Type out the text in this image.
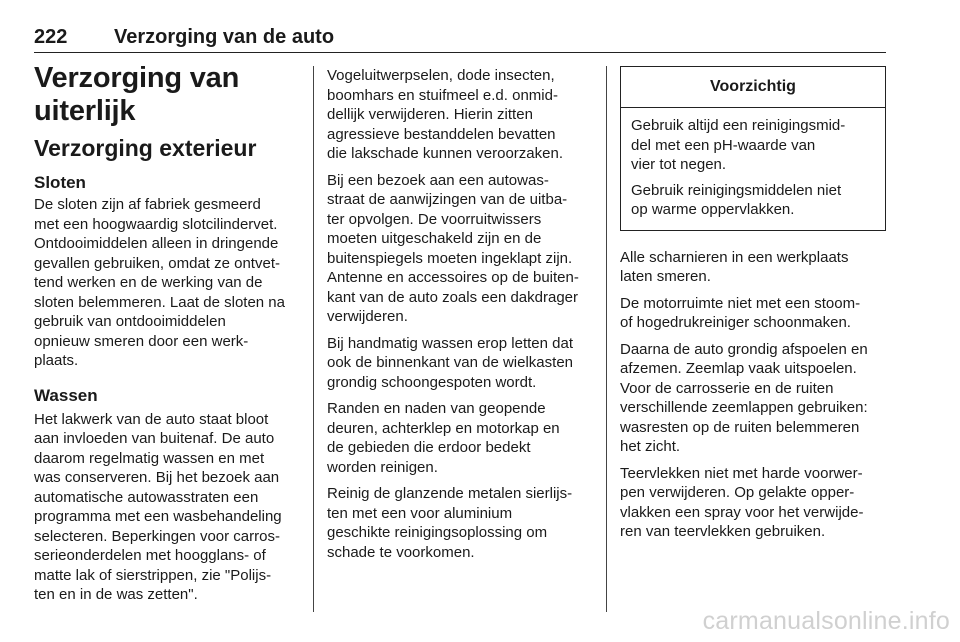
222 Verzorging van de auto
Verzorging van uiterlijk
Verzorging exterieur
Sloten

De sloten zijn af fabriek gesmeerd
met een hoogwaardig slotcilindervet.
Ontdooimiddelen alleen in dringende
gevallen gebruiken, omdat ze ontvet-
tend werken en de werking van de
sloten belemmeren. Laat de sloten na
gebruik van ontdooimiddelen
opnieuw smeren door een werk-
plaats.

Wassen

Het lakwerk van de auto staat bloot
aan invloeden van buitenaf. De auto
daarom regelmatig wassen en met
was conserveren. Bij het bezoek aan
automatische autowasstraten een
programma met een wasbehandeling
selecteren. Beperkingen voor carros-
serieonderdelen met hoogglans- of
matte lak of sierstrippen, zie "Polijs-
ten en in de was zetten".

Vogeluitwerpselen, dode insecten,
boomhars en stuifmeel e.d. onmid-
dellijk verwijderen. Hierin zitten
agressieve bestanddelen bevatten
die lakschade kunnen veroorzaken.

Bij een bezoek aan een autowas-
straat de aanwijzingen van de uitba-
ter opvolgen. De voorruitwissers
moeten uitgeschakeld zijn en de
buitenspiegels moeten ingeklapt zijn.
Antenne en accessoires op de buiten-
kant van de auto zoals een dakdrager
verwijderen.

Bij handmatig wassen erop letten dat
ook de binnenkant van de wielkasten
grondig schoongespoten wordt.

Randen en naden van geopende
deuren, achterklep en motorkap en
de gebieden die erdoor bedekt
worden reinigen.

Reinig de glanzende metalen sierlijs-
ten met een voor aluminium
geschikte reinigingsoplossing om
schade te voorkomen.

Voorzichtig

Gebruik altijd een reinigingsmid-
del met een pH-waarde van
vier tot negen.

Gebruik reinigingsmiddelen niet
op warme oppervlakken.

Alle scharnieren in een werkplaats
laten smeren.

De motorruimte niet met een stoom-
of hogedrukreiniger schoonmaken.

Daarna de auto grondig afspoelen en
afzemen. Zeemlap vaak uitspoelen.
Voor de carrosserie en de ruiten
verschillende zeemlappen gebruiken:
wasresten op de ruiten belemmeren
het zicht.

Teervlekken niet met harde voorwer-
pen verwijderen. Op gelakte opper-
vlakken een spray voor het verwijde-
ren van teervlekken gebruiken.

carmanualsonline.info
